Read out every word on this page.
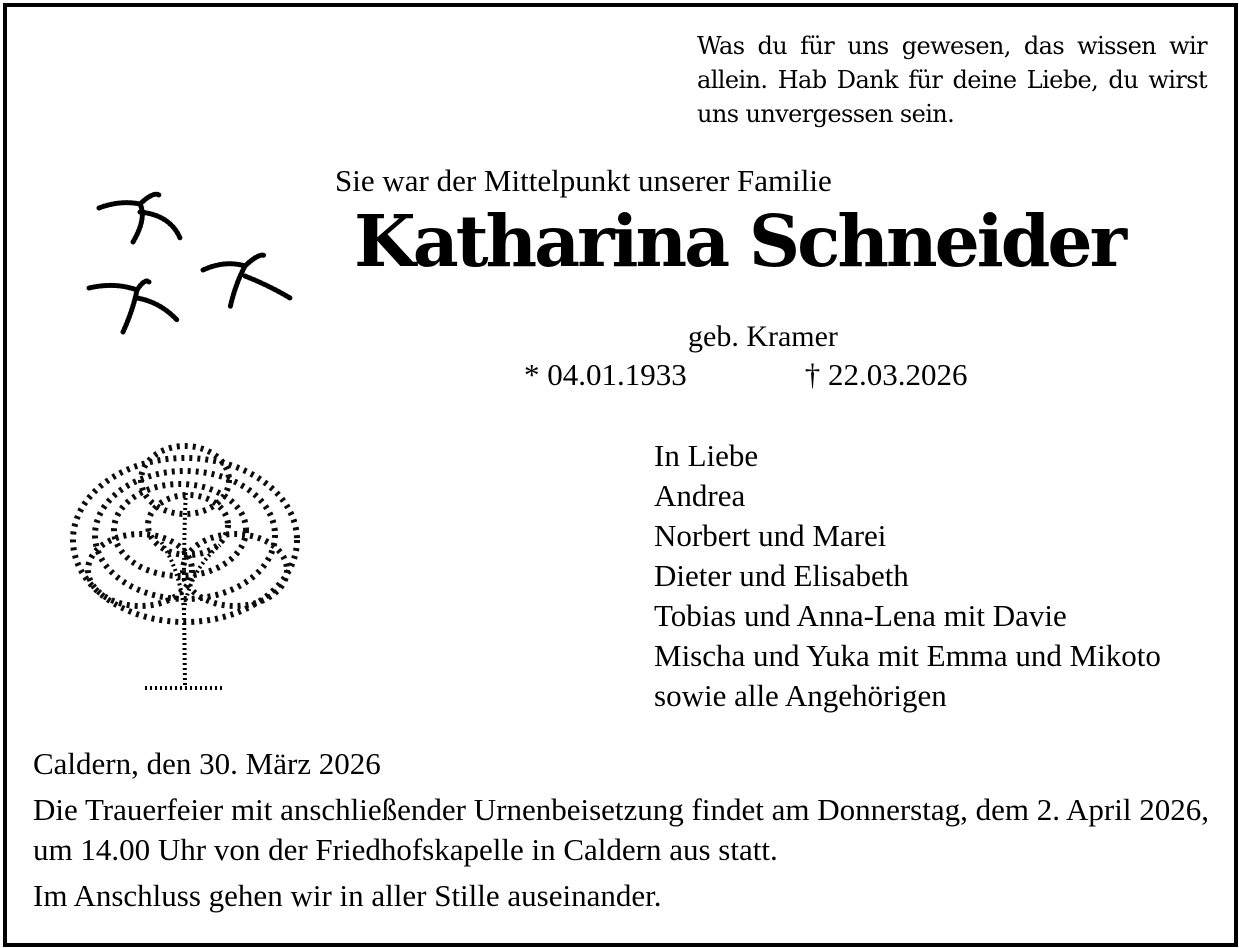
Was du für uns gewesen, das wissen wir allein. Hab Dank für deine Liebe, du wirst uns unvergessen sein.
Sie war der Mittelpunkt unserer Familie
Katharina Schneider
geb. Kramer
* 04.01.1933	† 22.03.2026
In Liebe
Andrea
Norbert und Marei
Dieter und Elisabeth
Tobias und Anna-Lena mit Davie
Mischa und Yuka mit Emma und Mikoto
sowie alle Angehörigen
Caldern, den 30. März 2026

Die Trauerfeier mit anschließender Urnenbeisetzung findet am Donnerstag, dem 2. April 2026, um 14.00 Uhr von der Friedhofskapelle in Caldern aus statt.

Im Anschluss gehen wir in aller Stille auseinander.
